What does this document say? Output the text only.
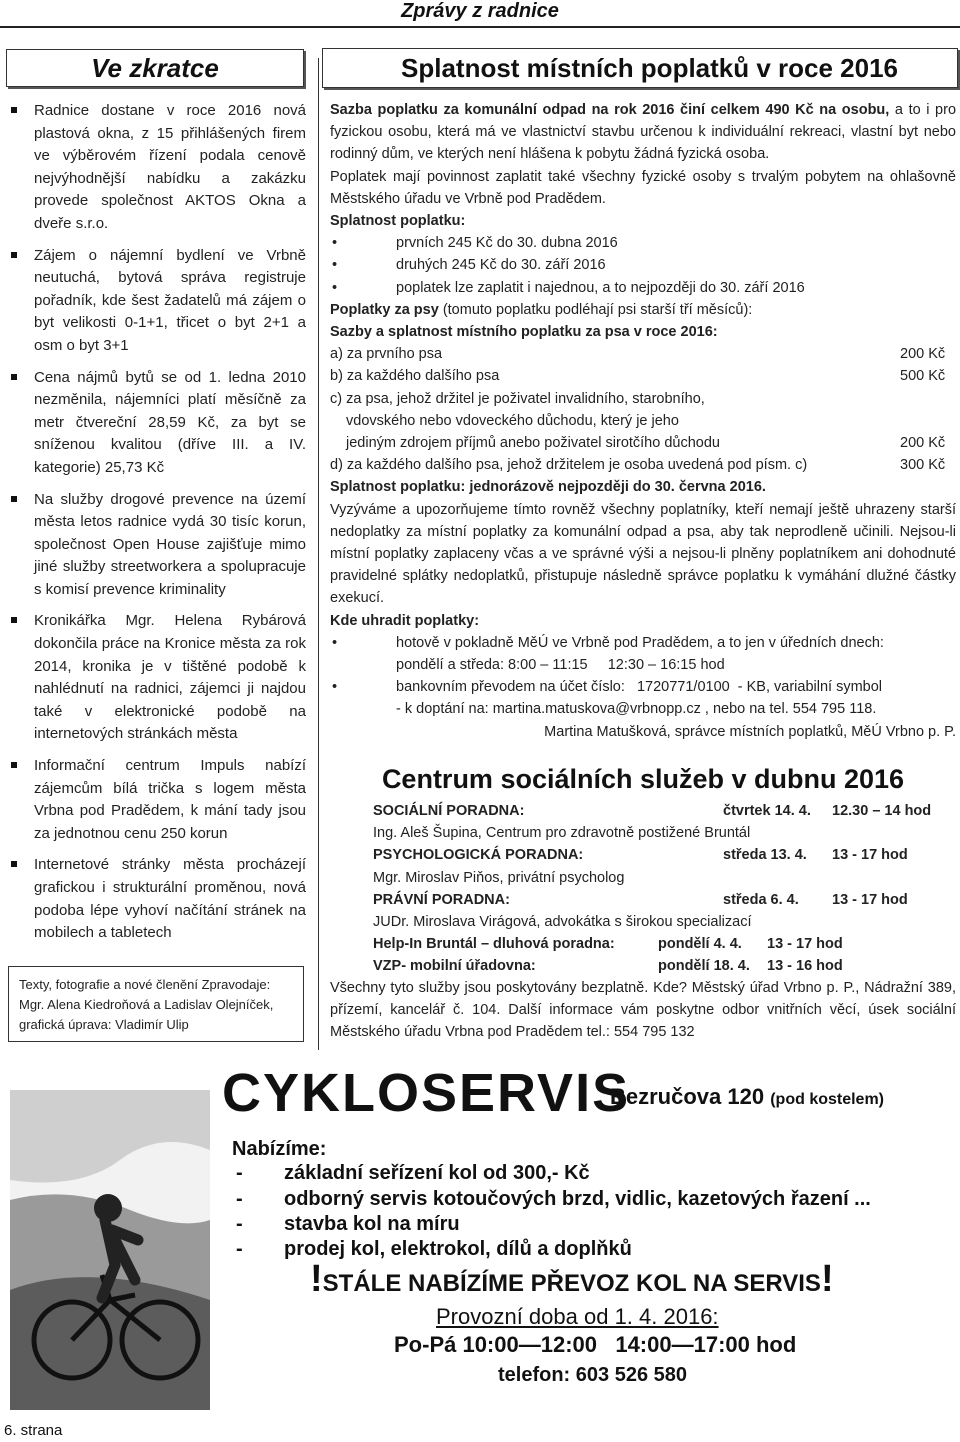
Zprávy z radnice
Ve zkratce
Radnice dostane v roce 2016 nová plastová okna, z 15 přihlášených firem ve výběrovém řízení podala cenově nejvýhodnější nabídku a zakázku provede společnost AKTOS Okna a dveře s.r.o.
Zájem o nájemní bydlení ve Vrbně neutuchá, bytová správa registruje pořadník, kde šest žadatelů má zájem o byt velikosti 0-1+1, třicet o byt 2+1 a osm o byt 3+1
Cena nájmů bytů se od 1. ledna 2010 nezměnila, nájemníci platí měsíčně za metr čtvereční 28,59 Kč, za byt se sníženou kvalitou (dříve III. a IV. kategorie) 25,73 Kč
Na služby drogové prevence na území města letos radnice vydá 30 tisíc korun, společnost Open House zajišťuje mimo jiné služby streetworkera a spolupracuje s komisí prevence kriminality
Kronikářka Mgr. Helena Rybárová dokončila práce na Kronice města za rok 2014, kronika je v tištěné podobě k nahlédnutí na radnici, zájemci ji najdou také v elektronické podobě na internetových stránkách města
Informační centrum Impuls nabízí zájemcům bílá trička s logem města Vrbna pod Pradědem, k mání tady jsou za jednotnou cenu 250 korun
Internetové stránky města procházejí grafickou i strukturální proměnou, nová podoba lépe vyhoví načítání stránek na mobilech a tabletech
Texty, fotografie a nové členění Zpravodaje: Mgr. Alena Kiedroňová a Ladislav Olejníček, grafická úprava: Vladimír Ulip
Splatnost místních poplatků v roce 2016

Sazba poplatku za komunální odpad na rok 2016 činí celkem 490 Kč na osobu, a to i pro fyzickou osobu, která má ve vlastnictví stavbu určenou k individuální rekreaci, vlastní byt nebo rodinný dům, ve kterých není hlášena k pobytu žádná fyzická osoba.

Poplatek mají povinnost zaplatit také všechny fyzické osoby s trvalým pobytem na ohlašovně Městského úřadu ve Vrbně pod Pradědem.

Splatnost poplatku:

•	prvních 245 Kč do 30. dubna 2016

•	druhých 245 Kč do 30. září 2016

•	poplatek lze zaplatit i najednou, a to nejpozději do 30. září 2016

Poplatky za psy (tomuto poplatku podléhají psi starší tří měsíců):

Sazby a splatnost místního poplatku za psa v roce 2016:

a) za prvního psa	200 Kč
b) za každého dalšího psa	500 Kč
c) za psa, jehož držitel je poživatel invalidního, starobního,
vdovského nebo vdoveckého důchodu, který je jeho
jediným zdrojem příjmů anebo poživatel sirotčího důchodu	200 Kč
d) za každého dalšího psa, jehož držitelem je osoba uvedená pod písm. c)	300 Kč

Splatnost poplatku: jednorázově nejpozději do 30. června 2016.

Vyzýváme a upozorňujeme tímto rovněž všechny poplatníky, kteří nemají ještě uhrazeny starší nedoplatky za místní poplatky za komunální odpad a psa, aby tak neprodleně učinili. Nejsou-li místní poplatky zaplaceny včas a ve správné výši a nejsou-li plněny poplatníkem ani dohodnuté pravidelné splátky nedoplatků, přistupuje následně správce poplatku k vymáhání dlužné částky exekucí.

Kde uhradit poplatky:

•	hotově v pokladně MěÚ ve Vrbně pod Pradědem, a to jen v úředních dnech:

pondělí a středa: 8:00 – 11:15     12:30 – 16:15 hod

•	bankovním převodem na účet číslo:   1720771/0100  - KB, variabilní symbol

- k doptání na: martina.matuskova@vrbnopp.cz , nebo na tel. 554 795 118.

Martina Matušková, správce místních poplatků, MěÚ Vrbno p. P.

Centrum sociálních služeb v dubnu 2016
SOCIÁLNÍ PORADNA:	čtvrtek 14. 4. 12.30 – 14 hod
Ing. Aleš Šupina, Centrum pro zdravotně postižené Bruntál
PSYCHOLOGICKÁ PORADNA:	středa 13. 4. 13 - 17 hod
Mgr. Miroslav Piňos, privátní psycholog
PRÁVNÍ PORADNA:	středa 6. 4. 13 - 17 hod
JUDr. Miroslava Virágová, advokátka s širokou specializací
Help-In Bruntál – dluhová poradna:	pondělí 4. 4. 13 - 17 hod
VZP- mobilní úřadovna:	pondělí 18. 4. 13 - 16 hod
Všechny tyto služby jsou poskytovány bezplatně. Kde? Městský úřad Vrbno p. P., Nádražní 389, přízemí, kancelář č. 104. Další informace vám poskytne odbor vnitřních věcí, úsek sociální Městského úřadu Vrbna pod Pradědem tel.: 554 795 132
CYKLOSERVIS
Bezručova 120 (pod kostelem)
Nabízíme:
- základní seřízení kol od 300,- Kč
- odborný servis kotoučových brzd, vidlic, kazetových řazení ...
- stavba kol na míru
- prodej kol, elektrokol, dílů a doplňků
!STÁLE NABÍZÍME PŘEVOZ KOL NA SERVIS!
Provozní doba od 1. 4. 2016:
Po-Pá 10:00—12:00   14:00—17:00 hod
telefon: 603 526 580
6. strana
